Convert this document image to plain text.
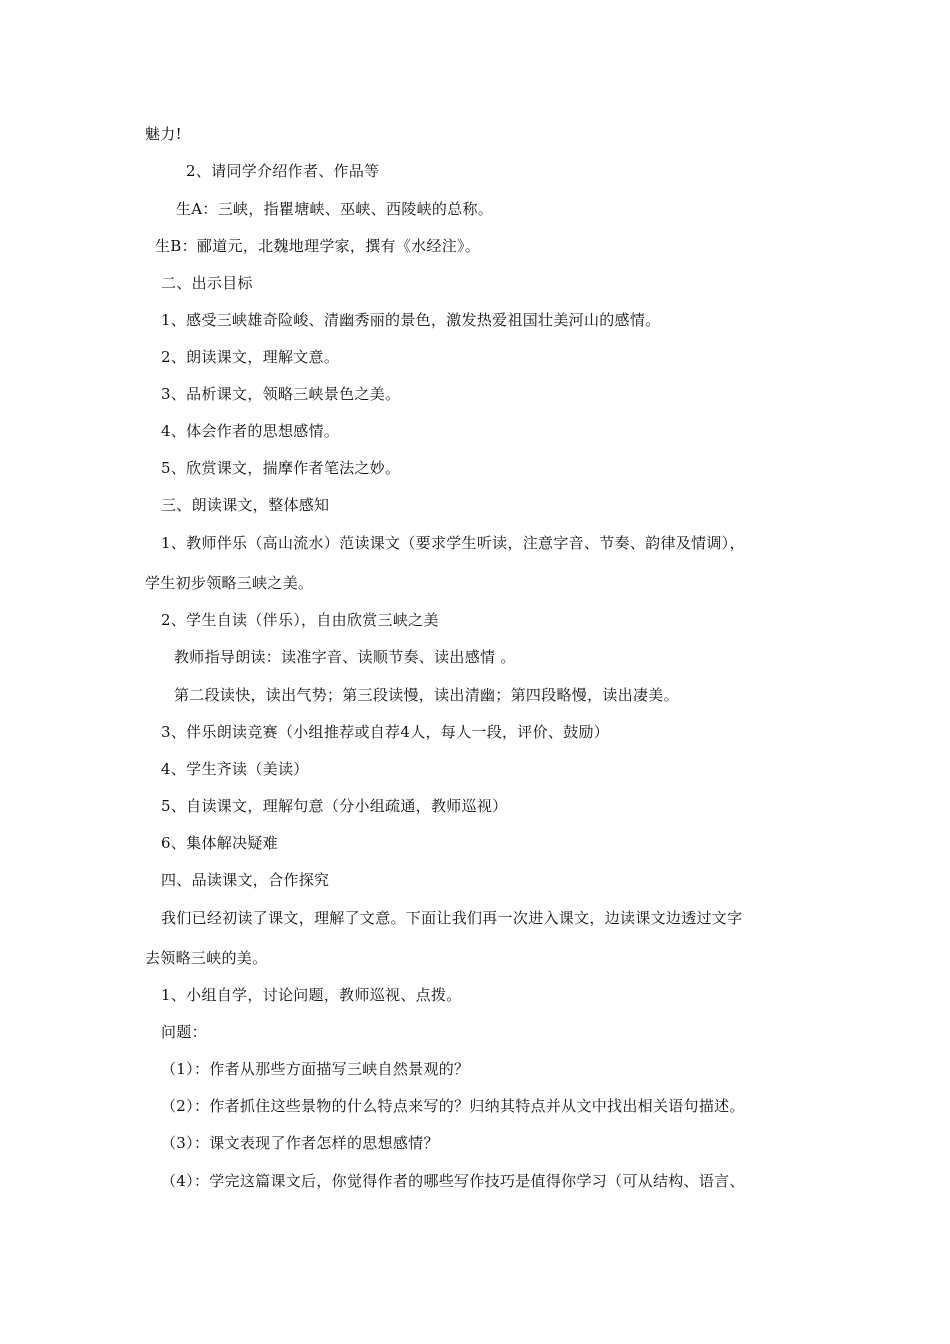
魅力!
2、请同学介绍作者、作品等
生A：三峡，指瞿塘峡、巫峡、西陵峡的总称。
生B：郦道元，北魏地理学家，撰有《水经注》。
二、出示目标
1、感受三峡雄奇险峻、清幽秀丽的景色，激发热爱祖国壮美河山的感情。
2、朗读课文，理解文意。
3、品析课文，领略三峡景色之美。
4、体会作者的思想感情。
5、欣赏课文，揣摩作者笔法之妙。
三、朗读课文，整体感知
1、教师伴乐（高山流水）范读课文（要求学生听读，注意字音、节奏、韵律及情调），
学生初步领略三峡之美。
2、学生自读（伴乐），自由欣赏三峡之美
教师指导朗读：读准字音、读顺节奏、读出感情 。
第二段读快，读出气势；第三段读慢，读出清幽；第四段略慢，读出凄美。
3、伴乐朗读竞赛（小组推荐或自荐4人，每人一段，评价、鼓励）
4、学生齐读（美读）
5、自读课文，理解句意（分小组疏通，教师巡视）
6、集体解决疑难
四、品读课文，合作探究
我们已经初读了课文，理解了文意。下面让我们再一次进入课文，边读课文边透过文字
去领略三峡的美。
1、小组自学，讨论问题，教师巡视、点拨。
问题：
（1）：作者从那些方面描写三峡自然景观的？
（2）：作者抓住这些景物的什么特点来写的？归纳其特点并从文中找出相关语句描述。
（3）：课文表现了作者怎样的思想感情？
（4）：学完这篇课文后，你觉得作者的哪些写作技巧是值得你学习（可从结构、语言、
